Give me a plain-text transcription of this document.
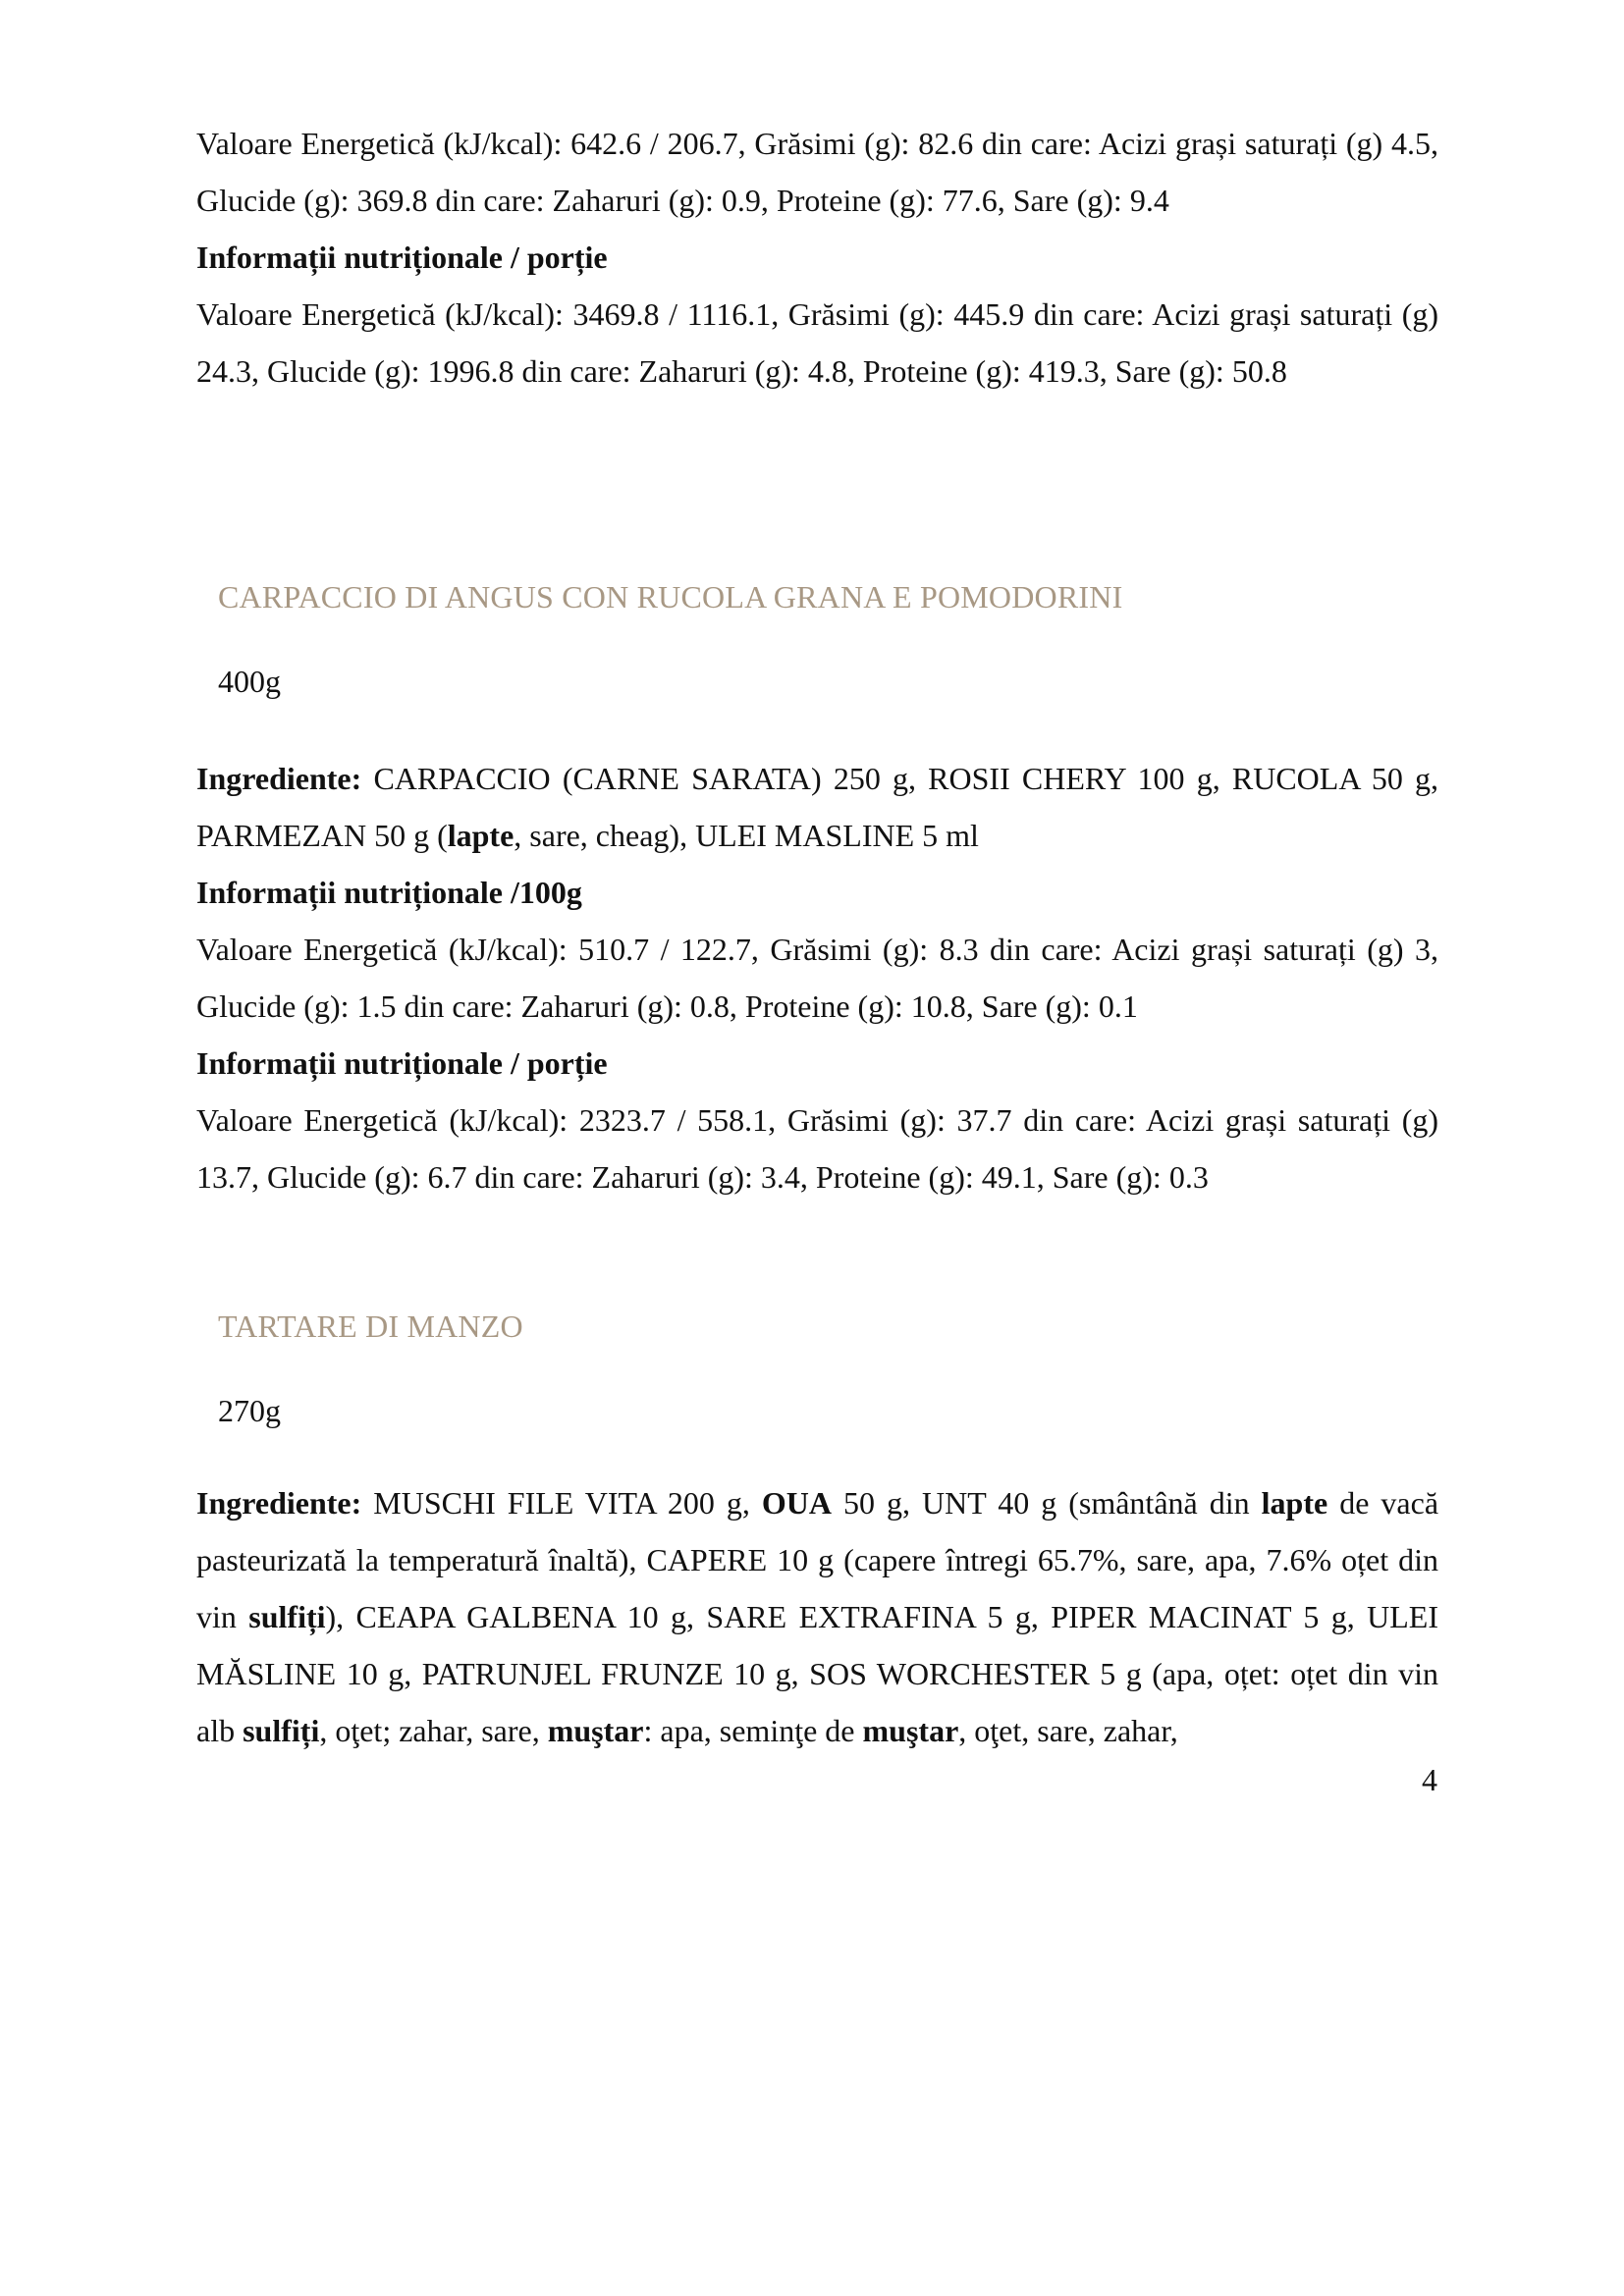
Valoare Energetică (kJ/kcal): 642.6 / 206.7, Grăsimi (g): 82.6 din care: Acizi grași saturați (g) 4.5, Glucide (g): 369.8 din care: Zaharuri (g): 0.9, Proteine (g): 77.6, Sare (g): 9.4

Informații nutriționale / porție

Valoare Energetică (kJ/kcal): 3469.8 / 1116.1, Grăsimi (g): 445.9 din care: Acizi grași saturați (g) 24.3, Glucide (g): 1996.8 din care: Zaharuri (g): 4.8, Proteine (g): 419.3, Sare (g): 50.8

CARPACCIO DI ANGUS CON RUCOLA GRANA E POMODORINI
400g

Ingrediente: CARPACCIO (CARNE SARATA) 250 g, ROSII CHERY 100 g, RUCOLA 50 g, PARMEZAN 50 g (lapte, sare, cheag), ULEI MASLINE 5 ml

Informații nutriționale /100g

Valoare Energetică (kJ/kcal): 510.7 / 122.7, Grăsimi (g): 8.3 din care: Acizi grași saturați (g) 3, Glucide (g): 1.5 din care: Zaharuri (g): 0.8, Proteine (g): 10.8, Sare (g): 0.1

Informații nutriționale / porție

Valoare Energetică (kJ/kcal): 2323.7 / 558.1, Grăsimi (g): 37.7 din care: Acizi grași saturați (g) 13.7, Glucide (g): 6.7 din care: Zaharuri (g): 3.4, Proteine (g): 49.1, Sare (g): 0.3

TARTARE DI MANZO
270g

Ingrediente: MUSCHI FILE VITA 200 g, OUA 50 g, UNT 40 g (smântână din lapte de vacă pasteurizată la temperatură înaltă), CAPERE 10 g (capere întregi 65.7%, sare, apa, 7.6% oțet din vin sulfiți), CEAPA GALBENA 10 g, SARE EXTRAFINA 5 g, PIPER MACINAT 5 g, ULEI MĂSLINE 10 g, PATRUNJEL FRUNZE 10 g, SOS WORCHESTER 5 g (apa, oțet: oțet din vin alb sulfiți, oţet; zahar, sare, muştar: apa, seminţe de muştar, oţet, sare, zahar,

4
